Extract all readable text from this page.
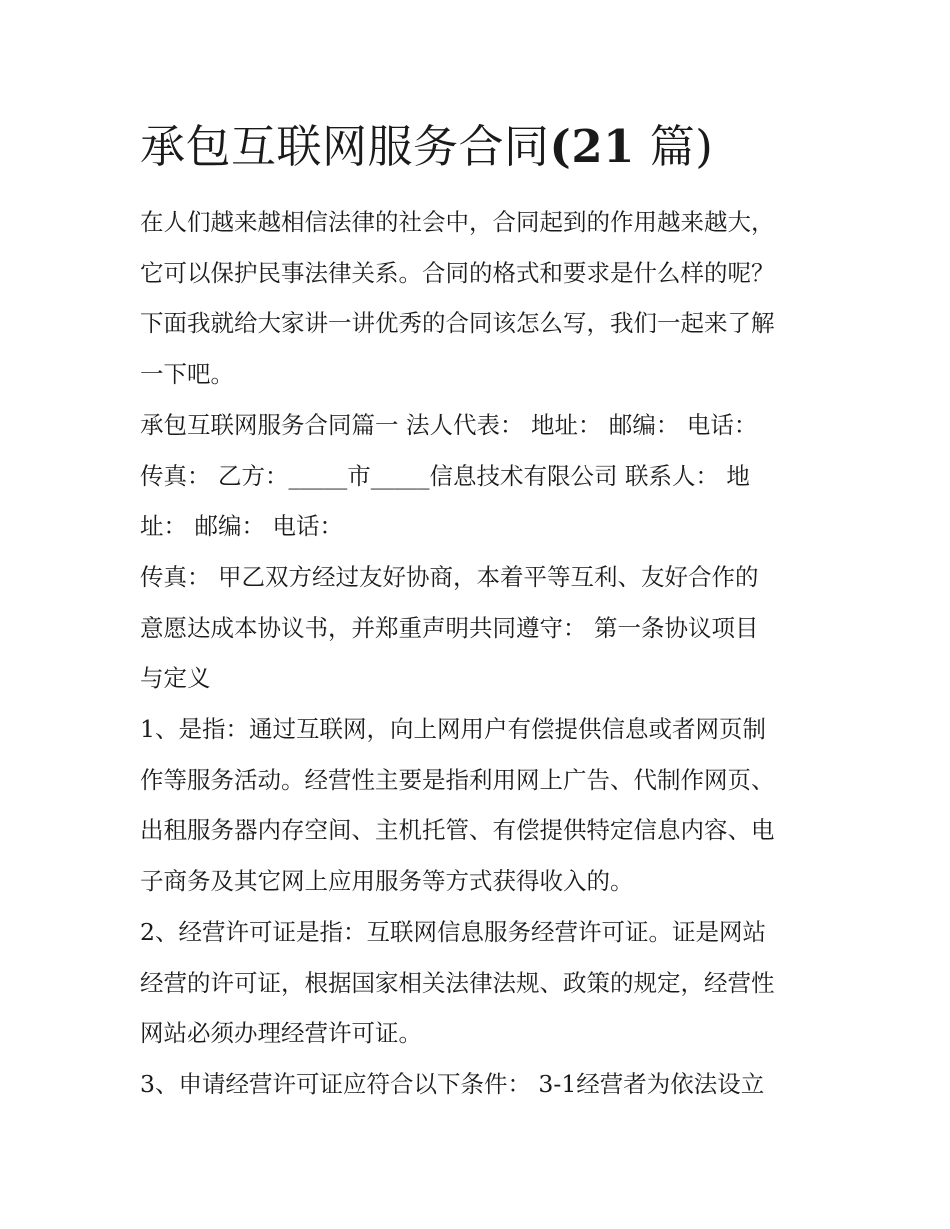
承包互联网服务合同(21 篇)

在人们越来越相信法律的社会中，合同起到的作用越来越大，
它可以保护民事法律关系。合同的格式和要求是什么样的呢？
下面我就给大家讲一讲优秀的合同该怎么写，我们一起来了解
一下吧。

承包互联网服务合同篇一 法人代表： 地址： 邮编： 电话：
传真： 乙方：_____市_____信息技术有限公司 联系人： 地
址： 邮编： 电话：

传真： 甲乙双方经过友好协商，本着平等互利、友好合作的
意愿达成本协议书，并郑重声明共同遵守： 第一条协议项目
与定义

1、是指：通过互联网，向上网用户有偿提供信息或者网页制
作等服务活动。经营性主要是指利用网上广告、代制作网页、
出租服务器内存空间、主机托管、有偿提供特定信息内容、电
子商务及其它网上应用服务等方式获得收入的。

2、经营许可证是指：互联网信息服务经营许可证。证是网站
经营的许可证，根据国家相关法律法规、政策的规定，经营性
网站必须办理经营许可证。

3、申请经营许可证应符合以下条件： 3-1经营者为依法设立
